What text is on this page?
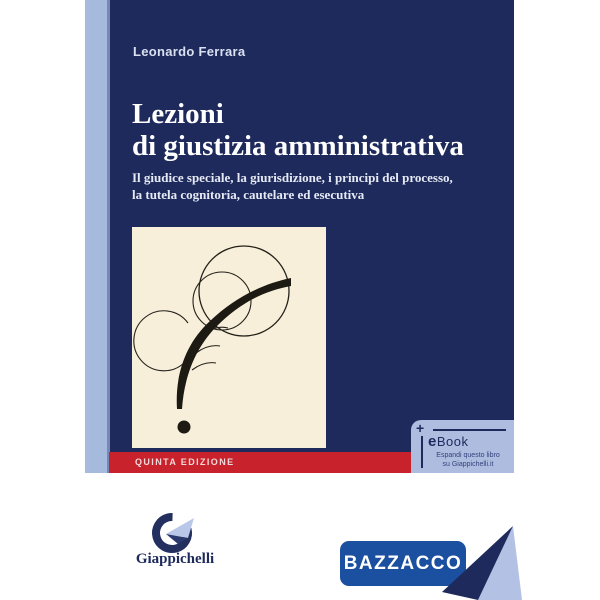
Leonardo Ferrara
Lezioni
di giustizia amministrativa
Il giudice speciale, la giurisdizione, i principi del processo,
la tutela cognitoria, cautelare ed esecutiva
QUINTA EDIZIONE
+
eBook
Espandi questo libro
su Giappichelli.it
Giappichelli	BAZZACCO
